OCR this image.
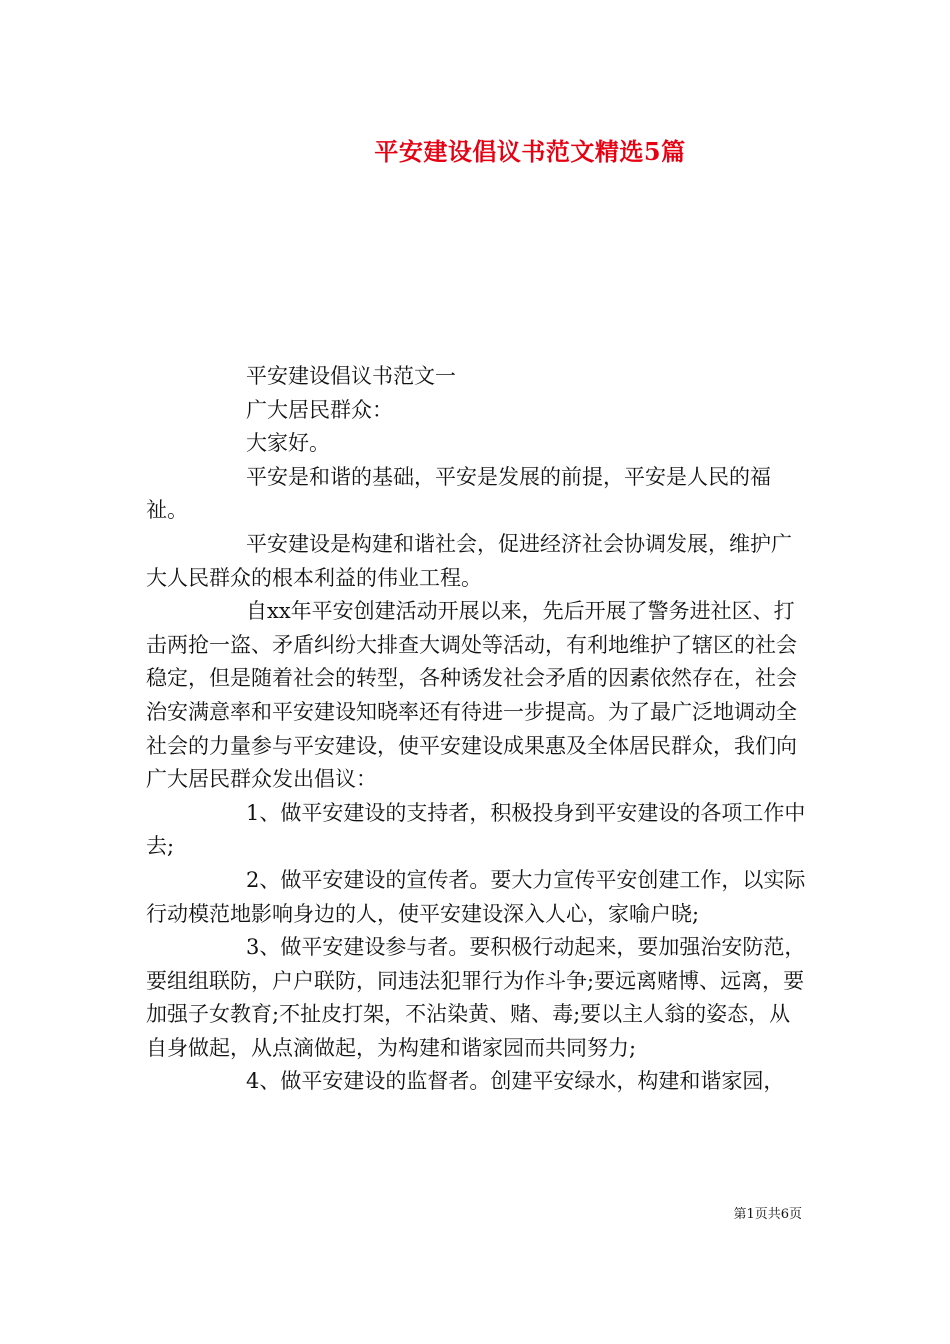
平安建设倡议书范文精选5篇

平安建设倡议书范文一

广大居民群众：

大家好。

平安是和谐的基础，平安是发展的前提，平安是人民的福祉。

平安建设是构建和谐社会，促进经济社会协调发展，维护广大人民群众的根本利益的伟业工程。

自xx年平安创建活动开展以来，先后开展了警务进社区、打击两抢一盗、矛盾纠纷大排查大调处等活动，有利地维护了辖区的社会稳定，但是随着社会的转型，各种诱发社会矛盾的因素依然存在，社会治安满意率和平安建设知晓率还有待进一步提高。为了最广泛地调动全社会的力量参与平安建设，使平安建设成果惠及全体居民群众，我们向广大居民群众发出倡议：

1、做平安建设的支持者，积极投身到平安建设的各项工作中去;

2、做平安建设的宣传者。要大力宣传平安创建工作，以实际行动模范地影响身边的人，使平安建设深入人心，家喻户晓;

3、做平安建设参与者。要积极行动起来，要加强治安防范，要组组联防，户户联防，同违法犯罪行为作斗争;要远离赌博、远离，要加强子女教育;不扯皮打架，不沾染黄、赌、毒;要以主人翁的姿态，从自身做起，从点滴做起，为构建和谐家园而共同努力;

4、做平安建设的监督者。创建平安绿水，构建和谐家园，

第1页共6页
